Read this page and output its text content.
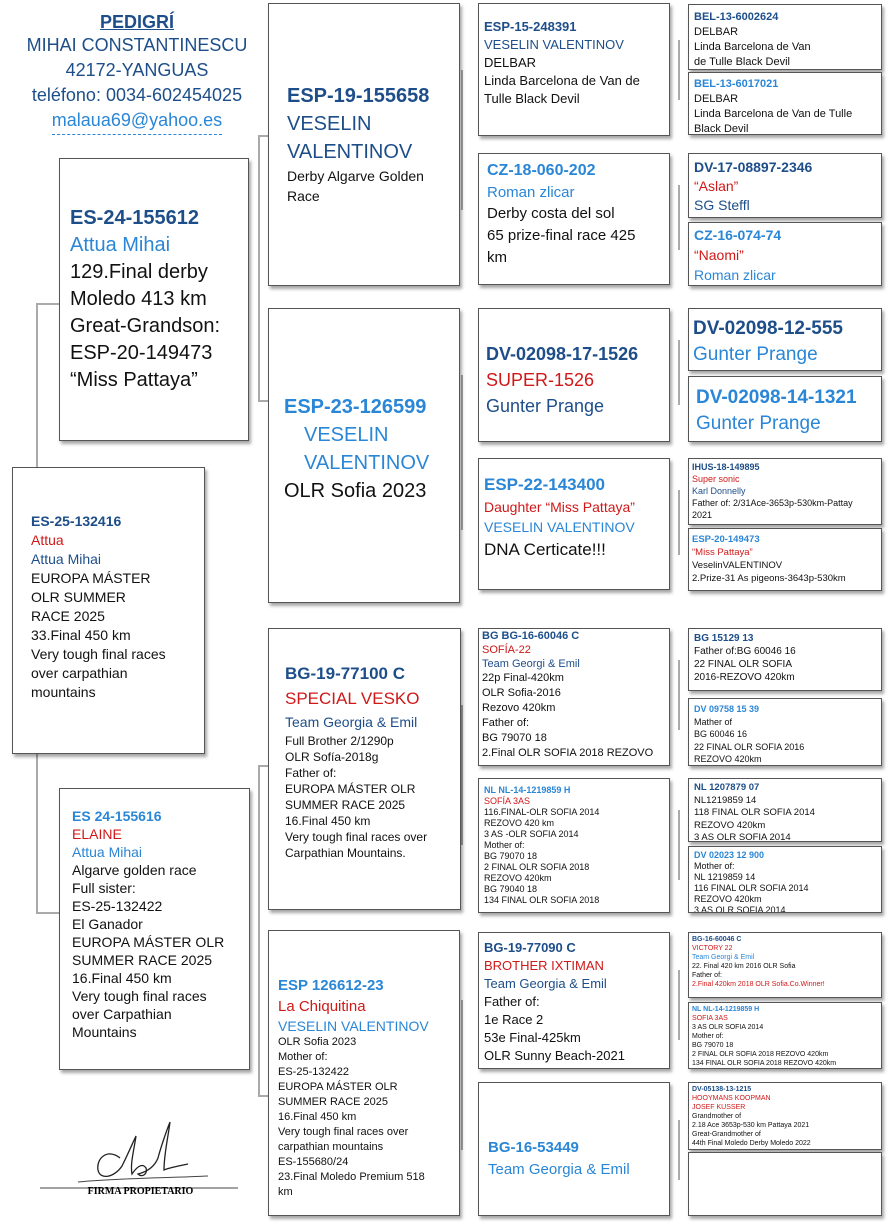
PEDIGRÍ
MIHAI CONSTANTINESCU
42172-YANGUAS
teléfono: 0034-602454025
malaua69@yahoo.es
ES-25-132416
Attua
Attua Mihai
EUROPA MÁSTER
OLR SUMMER
RACE 2025
33.Final 450 km
Very tough final races
over carpathian
mountains
ES-24-155612
Attua Mihai
129.Final derby
Moledo 413 km
Great-Grandson:
ESP-20-149473
“Miss Pattaya”
ES 24-155616
ELAINE
Attua Mihai
Algarve golden race
Full sister:
ES-25-132422
El Ganador
EUROPA MÁSTER OLR
SUMMER RACE 2025
16.Final 450 km
Very tough final races
over Carpathian
Mountains
ESP-19-155658
VESELIN VALENTINOV
Derby Algarve Golden
Race
ESP-23-126599
VESELIN VALENTINOV
OLR Sofia 2023
BG-19-77100 C
SPECIAL VESKO
Team Georgia & Emil
Full Brother 2/1290p
OLR Sofía-2018g
Father of:
EUROPA MÁSTER OLR
SUMMER RACE 2025
16.Final 450 km
Very tough final races over
Carpathian Mountains.
ESP 126612-23
La Chiquitina
VESELIN VALENTINOV
OLR Sofia 2023
Mother of:
ES-25-132422
EUROPA MÁSTER OLR
SUMMER RACE 2025
16.Final 450 km
Very tough final races over
carpathian mountains
ES-155680/24
23.Final Moledo Premium 518
km
ESP-15-248391
VESELIN VALENTINOV
DELBAR
Linda Barcelona de Van de
Tulle Black Devil
CZ-18-060-202
Roman zlicar
Derby costa del sol
65 prize-final race 425
km
DV-02098-17-1526
SUPER-1526
Gunter Prange
ESP-22-143400
Daughter “Miss Pattaya”
VESELIN VALENTINOV
DNA Certicate!!!
BG BG-16-60046 C
SOFÍA-22
Team Georgi & Emil
22p Final-420km
OLR Sofia-2016
Rezovo 420km
Father of:
BG 79070 18
2.Final OLR SOFIA 2018 REZOVO
NL NL-14-1219859 H
SOFÍA 3AS
116.FINAL-OLR SOFIA 2014
REZOVO 420 km
3 AS -OLR SOFIA 2014
Mother of:
BG 79070 18
2 FINAL OLR SOFIA 2018
REZOVO 420km
BG 79040 18
134 FINAL OLR SOFIA 2018
BG-19-77090 C
BROTHER IXTIMAN
Team Georgia & Emil
Father of:
1e Race 2
53e Final-425km
OLR Sunny Beach-2021
BG-16-53449
Team Georgia & Emil
BEL-13-6002624
DELBAR
Linda Barcelona de Van
de Tulle Black Devil
BEL-13-6017021
DELBAR
Linda Barcelona de Van de Tulle
Black Devil
DV-17-08897-2346
“Aslan”
SG Steffl
CZ-16-074-74
“Naomi”
Roman zlicar
DV-02098-12-555
Gunter Prange
DV-02098-14-1321
Gunter Prange
IHUS-18-149895
Super sonic
Karl Donnelly
Father of: 2/31Ace-3653p-530km-Pattay
2021
ESP-20-149473
“Miss Pattaya”
VeselinVALENTINOV
2.Prize-31 As pigeons-3643p-530km
BG 15129 13
Father of:BG 60046 16
22 FINAL OLR SOFIA
2016-REZOVO 420km
DV 09758 15 39
Mather of
BG 60046 16
22 FINAL OLR SOFIA 2016
REZOVO 420km
NL 1207879 07
NL1219859 14
118 FINAL OLR SOFIA 2014
REZOVO 420km
3 AS OLR SOFIA 2014
DV 02023 12 900
Mother of:
NL 1219859 14
116 FINAL OLR SOFIA 2014
REZOVO 420km
3 AS OLR SOFIA 2014
BG-16-60046 C
VICTORY 22
Team Georgi & Emil
22. Final 420 km 2016 OLR Sofia
Father of:
2.Final 420km 2018 OLR Sofia.Co.Winner!
NL NL-14-1219859 H
SOFIA 3AS
3 AS OLR SOFIA 2014
Mother of:
BG 79070 18
2 FINAL OLR SOFIA 2018 REZOVO 420km
134 FINAL OLR SOFIA 2018 REZOVO 420km
DV-05138-13-1215
HOOYMANS KOOPMAN
JOSEF KUSSER
Grandmother of
2.18 Ace 3653p-530 km Pattaya 2021
Great-Grandmother of
44th Final Moledo Derby Moledo 2022
FIRMA PROPIETARIO
